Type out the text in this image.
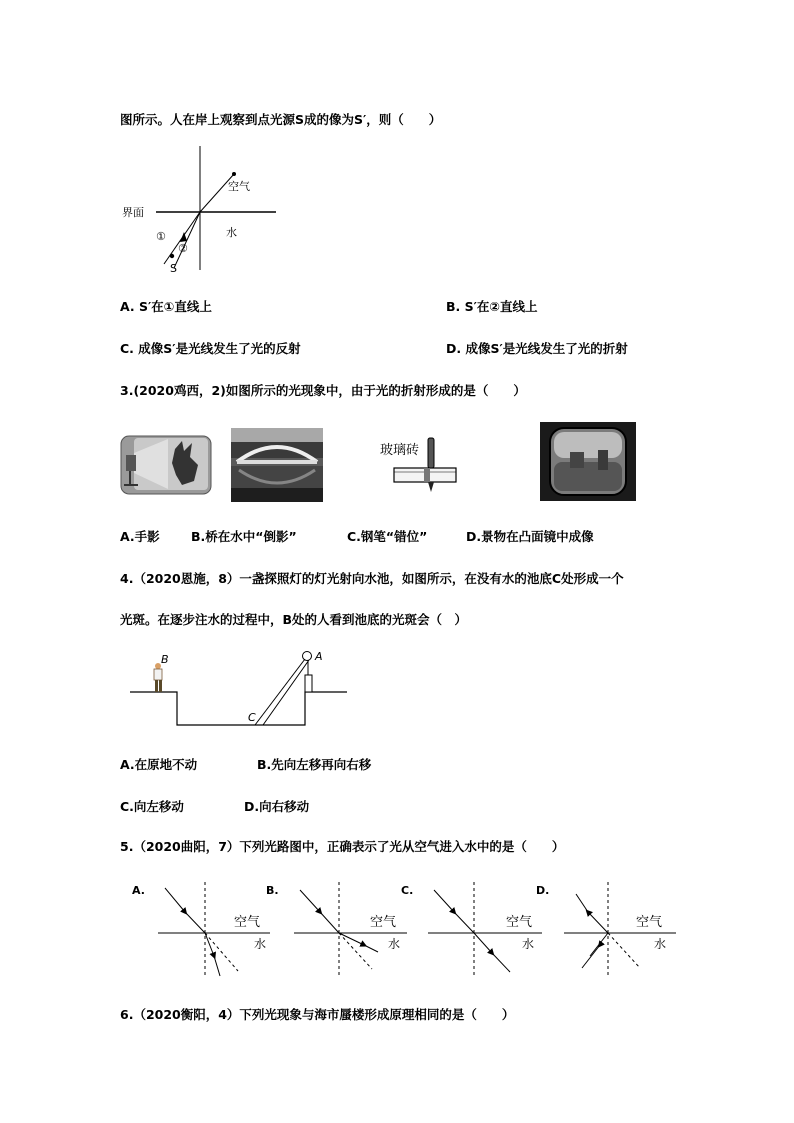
图所示。人在岸上观察到点光源S成的像为S′，则（　　）
空气
界面
水
①
②
S
A. S′在①直线上	B. S′在②直线上
C. 成像S′是光线发生了光的反射	D. 成像S′是光线发生了光的折射
3.(2020鸡西，2)如图所示的光现象中，由于光的折射形成的是（　　）
玻璃砖
A.手影	B.桥在水中“倒影”	C.钢笔“错位”	D.景物在凸面镜中成像
4.（2020恩施，8）一盏探照灯的灯光射向水池，如图所示，在没有水的池底C处形成一个
光斑。在逐步注水的过程中，B处的人看到池底的光斑会（　）
B	A
C
A.在原地不动	B.先向左移再向右移
C.向左移动	D.向右移动
5.（2020曲阳，7）下列光路图中，正确表示了光从空气进入水中的是（　　）
A.
空气
水
B.
空气
水
C.
空气
水
D.
空气
水
6.（2020衡阳，4）下列光现象与海市蜃楼形成原理相同的是（　　）
